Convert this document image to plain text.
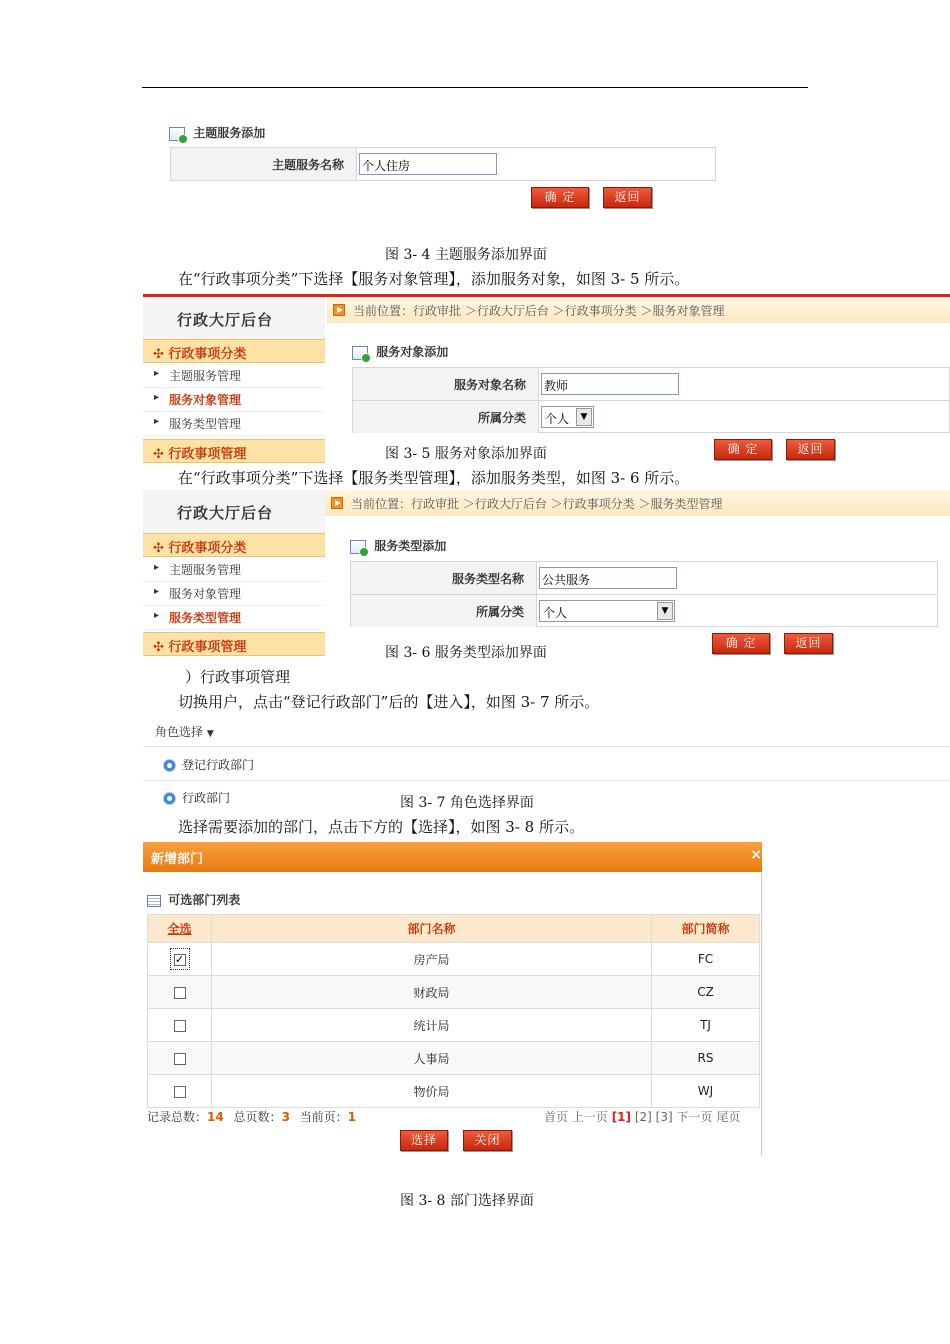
主题服务添加
主题服务名称	个人住房
确 定	返回
图 3- 4 主题服务添加界面
在“行政事项分类”下选择【服务对象管理】，添加服务对象，如图 3- 5 所示。
行政大厅后台
✣ 行政事项分类
▸ 主题服务管理
▸ 服务对象管理
▸ 服务类型管理
✣ 行政事项管理
当前位置：行政审批 ＞行政大厅后台 ＞行政事项分类 ＞服务对象管理
服务对象添加
服务对象名称	教师
所属分类	个人	▼
图 3- 5 服务对象添加界面	确 定	返回
在“行政事项分类”下选择【服务类型管理】，添加服务类型，如图 3- 6 所示。
行政大厅后台
✣ 行政事项分类
▸ 主题服务管理
▸ 服务对象管理
▸ 服务类型管理
✣ 行政事项管理
当前位置：行政审批 ＞行政大厅后台 ＞行政事项分类 ＞服务类型管理
服务类型添加
服务类型名称	公共服务
所属分类	个人	▼
图 3- 6 服务类型添加界面
确 定	返回
）行政事项管理
切换用户，点击“登记行政部门”后的【进入】，如图 3- 7 所示。
角色选择 ▼
登记行政部门
行政部门	图 3- 7 角色选择界面
选择需要添加的部门，点击下方的【选择】，如图 3- 8 所示。
新增部门	×
可选部门列表
全选	部门名称	部门简称
✓	房产局	FC
	财政局	CZ
	统计局	TJ
	人事局	RS
	物价局	WJ
记录总数：14 总页数：3 当前页：1	首页 上一页 [1] [2] [3] 下一页 尾页
选择	关闭
图 3- 8 部门选择界面
